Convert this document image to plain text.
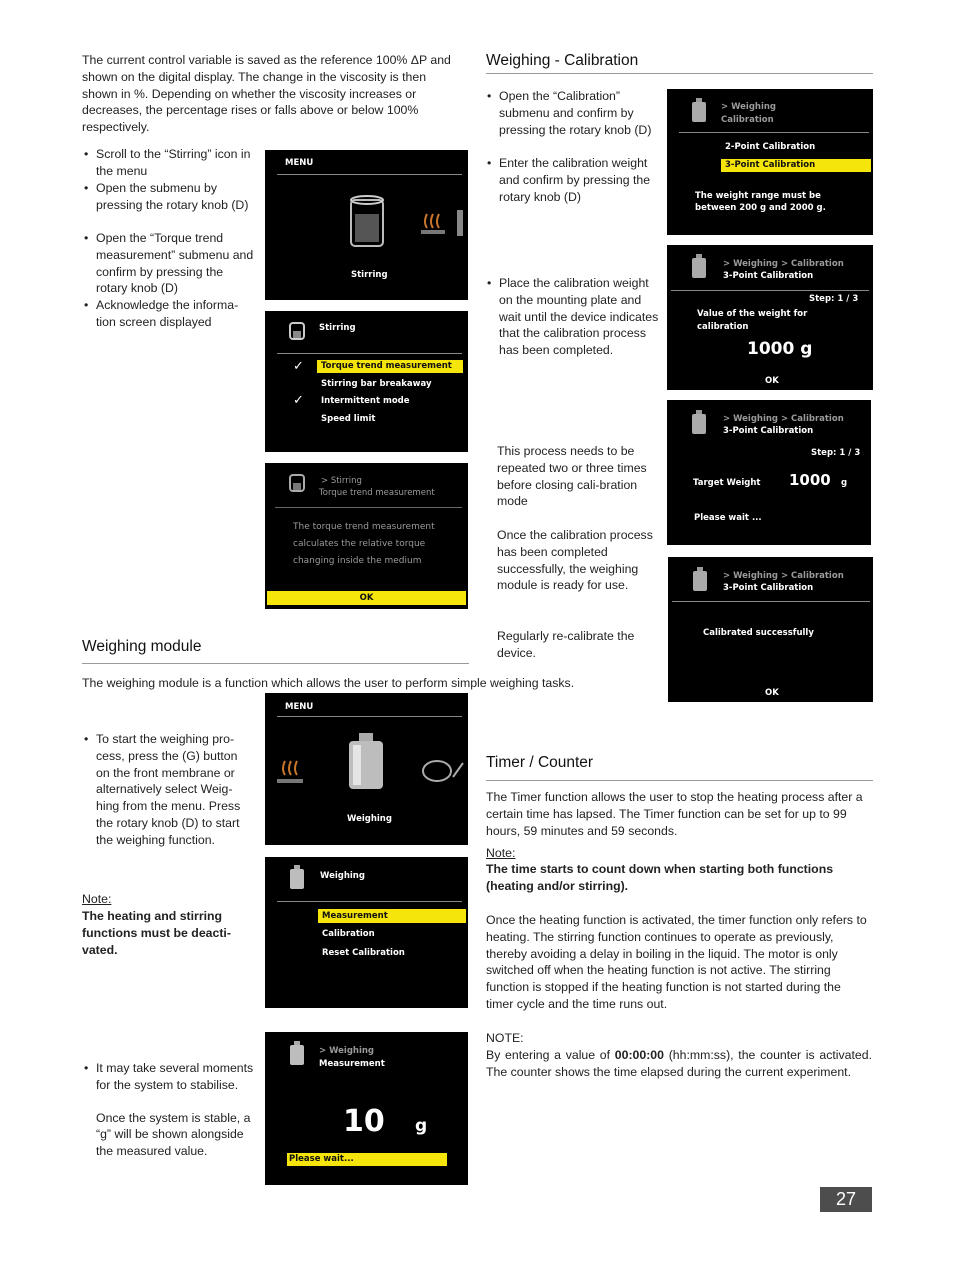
The current control variable is saved as the reference 100% ΔP and shown on the digital display. The change in the viscosity is then shown in %. Depending on whether the viscosity increases or decreases, the percentage rises or falls above or below 100% respectively.
• Scroll to the “Stirring” icon in the menu
• Open the submenu by pressing the rotary knob (D)
• Open the “Torque trend measurement” submenu and confirm by pressing the rotary knob (D)
• Acknowledge the informa-tion screen displayed
MENU
Stirring
Stirring
✓ Torque trend measurement
Stirring bar breakaway
✓ Intermittent mode
Speed limit
> Stirring
Torque trend measurement
The torque trend measurement calculates the relative torque changing inside the medium
OK
Weighing module
The weighing module is a function which allows the user to perform simple weighing tasks.
• To start the weighing pro-cess, press the (G) button on the front membrane or alternatively select Weig-hing from the menu. Press the rotary knob (D) to start the weighing function.
Note:
The heating and stirring functions must be deacti-vated.
• It may take several moments for the system to stabilise.
Once the system is stable, a “g” will be shown alongside the measured value.
MENU
Weighing
Weighing
Measurement
Calibration
Reset Calibration
> Weighing
Measurement
10 g
Please wait...
Weighing - Calibration
• Open the “Calibration” submenu and confirm by pressing the rotary knob (D)
• Enter the calibration weight and confirm by pressing the rotary knob (D)
• Place the calibration weight on the mounting plate and wait until the device indicates that the calibration process has been completed.
This process needs to be repeated two or three times before closing cali-bration mode
Once the calibration process has been completed successfully, the weighing module is ready for use.
Regularly re-calibrate the device.
> Weighing
Calibration
2-Point Calibration
3-Point Calibration
The weight range must be between 200 g and 2000 g.
> Weighing > Calibration
3-Point Calibration
Step: 1 / 3
Value of the weight for calibration
1000 g
OK
> Weighing > Calibration
3-Point Calibration
Step: 1 / 3
Target Weight 1000 g
Please wait ...
> Weighing > Calibration
3-Point Calibration
Calibrated successfully
OK
Timer / Counter
The Timer function allows the user to stop the heating process after a certain time has lapsed. The Timer function can be set for up to 99 hours, 59 minutes and 59 seconds.
Note:
The time starts to count down when starting both functions (heating and/or stirring).
Once the heating function is activated, the timer function only refers to heating. The stirring function continues to operate as previously, thereby avoiding a delay in boiling in the liquid. The motor is only switched off when the heating function is not active. The stirring function is stopped if the heating function is not started during the timer cycle and the time runs out.
NOTE:
By entering a value of 00:00:00 (hh:mm:ss), the counter is activated. The counter shows the time elapsed during the current experiment.
27
